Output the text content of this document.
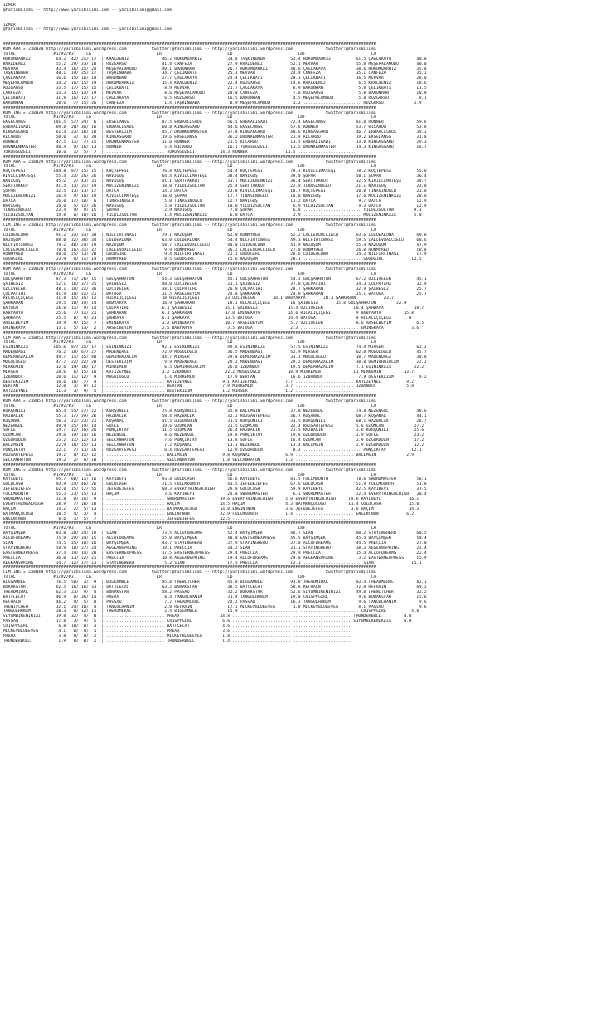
IZMIR
@YarisBilimi -- http://www.yarisbilimi.com -- yarisbilimi@gmail.com

IZMIR
@YarisBilimi -- http://www.yarisbilimi.com -- yarisbilimi@gmail.com

####################################################################################################################################################
KUM ARA = 218830 http://yarisbilimi.wordpress.com          twitter:@YarisBilimi -- http://yarisbilimi.wordpress.com             twitter:@YarisBilimi
TOTAL               #1/#2/#3     LG                          LR                          LD                          LRF                          LA
HÜKÜMDARKIZ          64.2  42/ 21/ 17  | KRALDENIZ             46.2 HÜKÜMDARKIZ          34.8 TAŞKINBABA          52.4 HÜKÜMDARKIZ          61.5 ÇAĞLAKAYA          40.8
KRALDENIZ            55.2  29/ 33/ 18  | RÜZGARSU              41.4 CANFEZA              27.9 KRALDENIZ           52.1 MEVVAR               55.8 MEŞEPALAMUDU       40.0
MEVVAR               43.4  16/ 25/ 24  | MEŞEPALAMUDU          40.1 BARONHAN             26.7 HÜKÜMDARKIZ         40.6 ÇAĞLAKAYA            38.6 HÜKÜMDARKIZ        35.8
TAŞKINBABA           40.1  19/ 25/ 17  | TAŞKINBABA            34.7 ÇELIKBATI            25.3 MEVVAR              24.9 CANFEZA              35.1 CANFEZA            35.1
ÇAĞLAKAYA            36.6  15/ 16/ 18  | BARONHAN              27.7 ÇAĞLAKAYA            24.4 ÇELIKBATI           20.1 ÇELIKBATI            16.5 MEVVAR             28.0
MEŞEPALAMUDU         34.2  16/ 15/ 19  | HÜKÜMDARKIZ           15.4 KRALDENIZ            22.4 RÜZGARSU            14.6 KRALDENIZ             6.5 KRALDENIZ          18.6
RÜZGARSU             33.5  17/ 15/ 15  | ÇELIKBATI              8.9 MEVVAR               21.7 ÇAĞLAKAYA            8.9 BARONHAN              5.8 ÇELIKBATI          11.5
CANFEZA              33.3  15/ 13/ 19  | MEVVAR                 8.6 MEŞEPALAMUDU         20.0 CANFEZA              7.8 RÜZGARSU              5.8 BARONHAN           10.0
ÇELIKBATI            31.8  16/ 12/ 17  | ÇAĞLAKAYA              6.5 RÜZGARSU             16.5 BARONHAN             4.5 MEŞEPALAMUDU          5.8 RÜZGARSU            8.1
BARONHAN             28.6   7/ 15/ 26  | CANFEZA                1.4 TAŞKINBABA            8.9 MEŞEPALAMUDU         1.2 ....................... RÜZGARSU            2.9
####################################################################################################################################################
KUM ING = 218839 http://yarisbilimi.wordpress.com          twitter:@YarisBilimi -- http://yarisbilimi.wordpress.com             twitter:@YarisBilimi
TOTAL               #1/#2/#3     LG                          LR                          LD                          LRF                          LA
EKSELANSS           101.5  57/ 34/  6  | EKSELANSS             87.5 ERBAALISADI          56.5 ERBAALISADI         72.4 EKSELANSS            81.0 RUNNER             59.6
ERBAALISADI          89.8  28/ 36/ 16  | ERBAALISADI           60.8 KINGASGARD           44.6 EKSELANSS           57.6 RUNNER               53.7 RICARDO            53.8
KINGASGARD           61.4  23/ 10/ 18  | BESTEKIZIM            45.7 DRUNKENMASTER        37.8 KINGASGARD          40.6 KINGASGARD           46.7 ERBAALISADI        39.2
RICARDO              50.0   3/  6/ 39  | KINGASGARD            19.6 EKSELANSS            36.2 DRUNKENMASTER       21.9 RICARDO              19.2 EKSELANSS          31.0
RUNNER               47.5  11/  7/ 15  | DRUNKENMASTER         11.0 RUNNER               21.5 RICARDO             13.5 ERBAALISADI          13.0 KINGASGARD         29.3
DRUNKENMASTER        40.4   9/ 16/ 13  | RUNNER                 5.4 RICARDO              16.1 TOROSGÜZELI         11.5 DRUNKENMASTER        14.3 KINGASGARD         16.7
TOROSGÜZELI          10.6   1/  5/  7  | ....................... TOROSGÜZELI          14.3 RUNNER               11.5 .......................
####################################################################################################################################################
KUM ARA = 218829 http://yarisbilimi.wordpress.com          twitter:@YarisBilimi -- http://yarisbilimi.wordpress.com             twitter:@YarisBilimi
TOTAL               #1/#2/#3     LG                          LR                          LD                          LRF                          LA
KOÇTEPESI           104.8  87/ 15/ 15  | KOÇTEPESI             76.8 KOÇTEPESI            54.4 KOÇTEPESI           78.3 KIVILCIMATEŞI        70.2 KOÇTEPESI          55.0
KIVILCIMATEŞI        55.4  23/ 26/ 26  | NAVIGÜŞ               64.4 KIVILCIMATEŞI        38.4 NAVIGÜŞ             39.0 ŞOPAR                50.1 ŞOPAR              36.4
NAVIGÜŞ              45.2   2/ 43/ 31  | NAVIGÜŞ               41.1 SERTTAKKUT           33.7 MUCIZENINKIZI       36.4 SERTTAKKUT           32.5 KIVILCIMATEŞI      30.7
SERTTAKKUT           41.4  13/ 31/ 19  | MUCIZENINKIZI         18.0 YILDIZSULTAN         25.4 SERTTAKKUT          22.9 TINASINOĞLU          21.1 NAVIGÜŞ            23.0
ŞOPAR                32.5  13/ 13/ 17  | DATCA                 14.3 DATCA                23.8 KIVILCIMATEŞI       18.7 KOÇTEPESI            20.0 TINASINOĞLU        23.0
MUCIZENINKIZI        26.4   9/ 16/ 19  | KIVILCIMATEŞI         10.0 ŞOPAR                17.7 TINASINOĞLU         16.0 NAVIGÜŞ              17.6 MUCIZENINKIZI      20.0
DATCA                26.0  17/ 10/  6  | TINASINOĞLU            5.0 TINASINOĞLU          12.7 NAVIGÜŞ             11.2 DATCA                 9.7 DATCA              12.9
NAVIGÜŞ              26.0   5/ 12/ 26  | NAVIGÜŞ                5.0 YILDIZSULTAN         10.0 YILDIZSULTAN         6.9 YILDIZSULTAN          9.3 DATCA              12.9
TINASINOĞLU          23.4   9/  9/ 15  | ŞOPAR                  2.9 NAVIGÜŞ               7.8 ŞOPAR                6.0 ....................... YILDIZSULTAN        9.3
YILDIZSULTAN         19.8   6/ 10/ 16  | YILDIZSULTAN           1.4 MUCIZENINKIZI         6.0 DATCA                2.9 ....................... MUCIZENINKIZI       5.0
####################################################################################################################################################
CIM ING = 218831 http://yarisbilimi.wordpress.com          twitter:@YarisBilimi -- http://yarisbilimi.wordpress.com             twitter:@YarisBilimi
TOTAL               #1/#2/#3     LG                          LR                          LD                          LRF                          LA
LUIDEALUNA           91.2  33/ 33/ 38  | NILFIRTINASI          79.1 NAZUŞUM              62.0 RUNMYRED            52.2 LALLEVOALCIELO       63.6 LUIDEALUNA         69.8
NAZUŞUM              88.0  32/ 30/ 34  | LUIDEALUNA            63.0 LUIDEALUNA           54.4 NILFIRTINASI        49.3 NILFIRTINASI         59.5 LALLEVOALCIELO     60.6
NILFIRTINASI         79.2  40/ 24/ 19  | NAZUŞUM               58.7 LALLEVOALCIELO       40.0 LUIDEALUNA          41.9 NAZUŞUM              55.4 NAZUŞUM            47.9
LALLEVOALCIELO       70.0  16/ 31/ 37  | LALLEVOALCIELO         9.9 RUNMYRED             36.2 LALLEVOALCIELO      27.0 RUNMYRED             26.0 RUNMYRED           18.8
RUNMYRED             48.6  25/ 13/ 20  | GOODGIRL               9.4 NILFIRTINASI         22.1 GOODGIRL            28.6 LUIDEALUNA           24.3 NILFIRTINASI       17.9
GOODGIRL             23.9   8/ 11/ 14  | RUNMYRED               8.5 GOODGIRL             15.6 NAZUŞUM             20.1 ....................... GOODGIRL           12.5
####################################################################################################################################################
KUM ARA = 218828 http://yarisbilimi.wordpress.com          twitter:@YarisBilimi -- http://yarisbilimi.wordpress.com             twitter:@YarisBilimi
TOTAL               #1/#2/#3     LG                          LR                          LD                          LRF                          LA
GÜLŞAHHATUN          87.3  71/ 20/ 15  | GÜLŞAHHATUN           54.3 GÜLŞAHHATUN          45.1 GÜLŞAHHATUN         54.3 GÜLŞAHHATUN          67.2 ÖZCIVELEK          45.1
ŞAIBESIZ             52.1  16/ 37/ 25  | ŞAIBESIZ              48.0 ÖZCIVELEK            31.1 ŞAIBESIZ            37.0 ÇOLPATIHI            34.3 ÇOLPATIHI          32.9
ÖZCIVELEK            48.1  18/ 21/ 36  | ÖZCIVELEK             38.1 ÇOLPATIHI            26.0 ÇOLPATIHI           28.7 ŞAHKARAN             32.9 ŞAIBESIZ           25.7
ÇOLPATIHI            41.9  18/ 22/ 21  | BATUGA                31.5 ARSELBEYIM           24.8 ŞAHKARAN            24.8 ŞAHKARAN             25.1 BATUGA             25.7
HILALIÇIÇEĞI         31.8  15/ 16/ 12  | HILALIÇIÇEĞI          18 HILALIÇIÇEĞI          23 ÖZCIVELEK       18.1 BABYARYA       20.1 ŞAHKARAN           23.7
ŞAHKARAN             29.5  10/ 19/ 14  | BABYARYA              16.9 ŞAHKARAN             18.1 HILALIÇIÇEĞI        16 ŞAIBESIZ       15.8 GÜLŞAHHATUN        22.9
BATUGA               26.0  11/  9/ 14  | ÇOLPATIHI             6.1 ŞAIBESIZ             15.1 ŞAIBESIZ            15.4 ÖZCIVELEK            10.4 ŞAHBAYA            18.7
BABYARYA             25.6   7/ 11/ 21  | ŞAHKARAN              6.1 ŞAHKARAN             17.0 EMINEKAYA           14.6 HILALIÇIÇEĞI          9 BABYARYA         15.8
ŞAHKAYA              25.5   8/  9/ 23  | ŞAHKAYA               6.1 ŞAHKAYA              13.5 BATUGA              14.4 BATUGA                8 HILALIÇIÇEĞI       8
ARSELBEYIM           19.9   9/ 15/  7  | EMINEKAYA             3.2 EMINEKAYA            10.7 ARSELBEYIM           5.7 ÖZCIVELEK             8.6 ARSELBEYIM          6.5
EMINEKAYA            13.1   5/ 13/  2  | ARSELBEYIM            2.5 BABYARYA              3.5 BATUGA               2.3 ....................... EMINEKAYA           3.6
####################################################################################################################################################
CIM ARA = 218852 http://yarisbilimi.wordpress.com          twitter:@YarisBilimi -- http://yarisbilimi.wordpress.com             twitter:@YarisBilimi
TOTAL               #1/#2/#3     LG                          LR                          LD                          LRF                          LA
ESININKIZI          105.6  87/ 25/ 17  | ESININKIZI            92.1 ESININKIZI           49.6 ESININKIZI          57.5 ESININKIZI           74.4 MIRSER             62.2
MADENDAĞI            76.2  18/ 67/ 27  | MADENDAĞI             72.9 MOĞOLOĞLU            36.5 MADENDAĞI           42.9 MIRSER               62.8 MOĞOLOĞLU          45.7
DEMIRHAZALIM         49.7  11/ 15/ 40  | DEMIRHAZALIM          44.7 MIRSER               29.8 DEMIRHAZALIM        33.3 MOĞOLOĞLU            38.7 MADENDAĞI          30.8
MOĞOLOĞLU            47.7  22/ 22/ 20  | DESTEKIZIM             9.9 MADENDAĞI            29.2 MADENDAĞI           29.2 DEMIRHAZALIM         30.0 DEMIRHAZALIM       22.2
MIRKEMIN             32.6  19/ 10/ 17  | MIRKEMIN               6.5 DEMIRHAZALIM         26.6 IZBANDOT            19.5 DEMIRHAZALIM         7.1 ESININKIZI         22.2
MIRSER               28.6   6/ 15/ 18  | KATIZEYNEL            3.2 IZBANDOT             22.2 MOĞOLOĞLU           18.9 MIRKEMIN             13 MIRKEMIN         13.7
IZBANDOT             20.6  11/ 12/  9  | MOĞOLOĞLU              1.4 MIRKEMIN             17.9 BERTAN              16.6 IZBANDOT              7.8 DESTEKIZIM          9.2
DESTEKIZIM           16.6  10/  7/  4  | ....................... KATIZEYNEL            9.1 KATIZEYNEL           7.7 ....................... KATIZEYNEL          9.2
BERTAN               12.0   3/  8/ 11  | ....................... BERTAN                7.9 MIRKEMIN             3.7 ....................... IZBANDOT            5.8
KATIZEYNEL           11.3   3/  9/  5  | ....................... DESTEKIZIM            1.2 MIRSER               1.2 .......................
####################################################################################################################################################
KUM ARA = 218851 http://yarisbilimi.wordpress.com          twitter:@YarisBilimi -- http://yarisbilimi.wordpress.com             twitter:@YarisBilimi
TOTAL               #1/#2/#3     LG                          LR                          LD                          LRF                          LA
KURŞUNILI            85.4  55/ 27/ 22  | KURŞUNILI             75.0 KURŞUNILI            35.8 BALIMSIN            37.8 NEZENGÜL             74.8 NEZENGÜL           48.6
HAZBALIK             55.3  17/ 39/ 26  | HAZBALIK              58.4 HAZBALIK             32.2 RÜZGARTEPESI        36.7 KOŞANAL              68.7 KOŞANAL            44.1
KOŞANAL              50.3  21/ 23/ 21  | KOŞANAL               41.5 ÖZGÜRODIN            31.5 KURŞUNILI           33.5 KURŞUNILI            68.1 HAZBALIK           28.7
NEZENGÜL             49.9  25/ 19/ 14  | SUFLE                 19.6 ÖZÜMCAN              31.5 ÖZÜMCAN             32.4 RÜZGARTEPESI         5.6 ÖZÜMCAN            27.2
SUFLE                34.7  12/ 16/ 26  | PONÇIKTAY             11.5 ÖZÜMCAN              26.4 HAZBALIK            21.5 HAZBALIK             3.6 KURŞUNILI          25.6
ÖZÜMCAN              29.6  19/ 14/ 16  | NEZENGÜL               8.6 NEZENGÜL             19.8 PONÇIKTAY           19.8 ÖZGÜRODIN            2.9 SUFLE              23.2
ÖZGÜRODIN            23.2  11/ 12/ 13  | SELCANHATUN            7.6 PONÇIKTAY            13.8 SUFLE               16.4 ÖZÜMCAN              2.9 ÖZGÜRODIN          17.2
BALIMSIN             22.9  10/ 15/ 13  | SELCANHATUN            7.2 KOŞANAL              13.1 NEZENGÜL            13.4 BALIMSIN             2.9 ÖZGÜRODIN          12.2
PONÇIKTAY            22.1   7/ 13/ 16  | RÜZGARTEPESI           6.4 RÜZGARTEPESI         12.9 ÖZGÜRODIN            8.3 ....................... PONÇIKTAY          12.1
RÜZGARTEPESI         19.2   8/ 11/ 12  | ....................... BALIMSIN              9.8 KOŞANAL              6.9 ....................... BALIMSIN            2.9
SELCANHATUN          19.2   2/  6/ 10  | ....................... SELCANHATUN           1.8 SELCANHATUN          1.2 .......................
####################################################################################################################################################
KUM ING = 218843 http://yarisbilimi.wordpress.com          twitter:@YarisBilimi -- http://yarisbilimi.wordpress.com             twitter:@YarisBilimi
TOTAL               #1/#2/#3     LG                          LR                          LD                          LRF                          LA
KAYIBEYI             95.7  68/ 11/ 16  | KAYIBEYI              93.8 GOLDCASH             56.6 KAYIBEYI            81.5 FULLMOONTH           70.6 SWORDMASTER        58.1
GOLDCASH             93.9  24/ 46/ 26  | GOLDCASH              71.5 FULLMOONTH           43.5 JEFEDEJEFES         67.6 GOLDCASH             51.9 FULLMOONTH         51.0
JEFEDEJEFES          62.0  15/ 17/ 55  | JEFEDEJEFES           60.3 EVERYTHINGALRIGH     29.0 GOLDCASH            59.9 KAYIBEYI             42.5 KAYIBEYI           37.5
FULLMOONTH           55.3  23/ 15/ 13  | HAÇIM                  3.6 KAYIBEYI             24.8 SWORDMASTER          6.1 SWORDMASTER          22.4 EVERYTHINGALRIGH   30.4
SWORDMASTER          31.8   8/ 16/  9  | ....................... SWORDMASTER          19.6 EVERYTHINGALRIGH     5.0 EVERYTHINGALRIGH     19.6 KAYIBEYI           16.1
EVERYTHINGALRIGH     28.9   7/ 10/ 18  | ....................... HAÇIM                14.5 HAÇIM                4.3 BATMANÇOCUĞU         11.4 GOLDCASH           15.0
HAÇIM                14.2   2/  5/ 13  | ....................... BATMANÇOCUĞU         14.0 ENGINTNON            3.6 JEFEDEJEFES           3.6 HAÇIM              14.3
BATMANÇOCUĞU         10.5   4/  3/  4  | ....................... ENGINTNON            12.9 FULLMOONTH           1.4 ....................... ENGINTNON           6.2
ENGINTNON             8.6   1/  5/  7  | ....................... JEFEDEJEFES          12.5 ....................... .......................
####################################################################################################################################################
TOTAL               #1/#2/#3     LG                          LR                          LD                          LRF                          LA
BAYŞIMŞEK            83.0  28/ 34/ 19  | SIAN                  73.5 ALLOFDREAMS          52.4 BAYŞIMŞEK           46.7 SIAN                 80.2 STAYINGHERO        60.5
ALLOFDREAMS          75.9  29/ 34/ 15  | ALLOFDREAMS           55.0 BAYŞIMŞEK            40.8 EASTERNEXPRESS      45.5 BAYŞIMŞEK            45.4 BAYŞIMŞEK          58.4
SIAN                 74.5  35/ 18/ 16  | BAYŞIMŞEK             43.7 STAYINGHERO          37.9 STAYINGHERO         37.0 ALLOFDREAMS          44.5 PRECCIA            27.0
STAYINGHERO          58.9  18/ 27/ 24  | AEGEANSPRING          19.1 PRECCIA              34.2 SIAN                31.1 STAYINGHERO          30.3 AEGEANSPRING       25.4
EASTERNEXPRESS       37.4  19/ 14/ 28  | EASTERNEXPRESS        17.5 EASTERNEXPRESS       29.4 PRECCIA             29.9 PRECCIA              15.4 ALLOFDREAMS        22.4
PRECCIA              36.0  13/ 22/ 21  | PRECCIA               10.8 AEGEANSPRING         19.4 ALLOFDREAMS         29.0 AEGEANSPRING          3.2 EASTERNEXPRESS     15.9
AEGEANSPRING         34.7  12/ 17/ 13  | STAYINGHERO            5.2 SIAN                 17.5 PRECCIA             13.1 ....................... SIAN               15.1
####################################################################################################################################################
CIM ING = 218848 http://yarisbilimi.wordpress.com          twitter:@YarisBilimi -- http://yarisbilimi.wordpress.com             twitter:@YarisBilimi
TOTAL               #1/#2/#3     LG                          LR                          LD                          LRF                          LA
BIGGAMBLE            76.5  50/  3/  9  | BIGGAMBLE             95.8 THEWITCHER           45.0 BIGGAMBLE           93.0 THEADMIRAL           83.4 THEADMIRAL         82.1
BURAKSTAR            62.5  16/ 16/ 33  | BATTLECAT             63.2 BURAKSTAR            38.5 BATTLECAT           58.8 REFRAIN              72.8 REFRAIN            69.2
THEADMIRAL           62.3  23/  9/  4  | BURAKSTAR             58.2 PASSAU               32.2 BURAKSTAR           52.6 SIYUMBIKENIKIZI      49.0 THEWITCHER         32.2
BATTLECAT            46.9   0/ 36/ 14  | PREAX                  8.4 TANGÜLHANIM          31.4 TANGÜLHANIM         19.0 CRISPYGIRL            9.6 BURAKSTAR          15.6
REFRAIN              46.2   9/  5/  8  | PASSAU                 7.2 THEADMIRAL           24.2 PASSAU              16.3 TANGÜLHANIM           9.6 TANGÜLHANIM         9.6
THEWITCHER           32.1  24/ 10/  4  | TANGÜLHANIM            2.8 REFRAIN              17.1 MICKEYBLUEEYES       1.0 MICKEYBLUEEYES        8.1 PASSAU              9.6
TANGÜLHANIM          20.3   0/ 12/ 11  | THEADMIRAL             2.4 BIGGAMBLE            15.9 ....................... ....................... CRISPYGIRL          4.8
SIYUMBIKENIKIZI      19.8  32/  4/  0  | ....................... PREAX                14.8 ....................... ....................... THUNDERBULL         4.8
PASSAU               17.8   3/  9/  5  | ....................... CRISPYGIRL            6.6 ....................... ....................... SIYUMBIKENIKIZI     4.8
CRISPYGIRL            6.8  10/  0/  3  | ....................... BATTLECAT             4.6 ....................... .......................
MICKEYBLUEEYES        4.1   0/  4/  1  | ....................... PREAX                 3.6 ....................... .......................
PREAX                 3.8   0/  0/  2  | ....................... MICKEYBLUEEYES        1.8 ....................... .......................
THUNDERBULL           1.9   0/  0/  2  | ....................... THUNDERBULL           1.4 ....................... .......................
